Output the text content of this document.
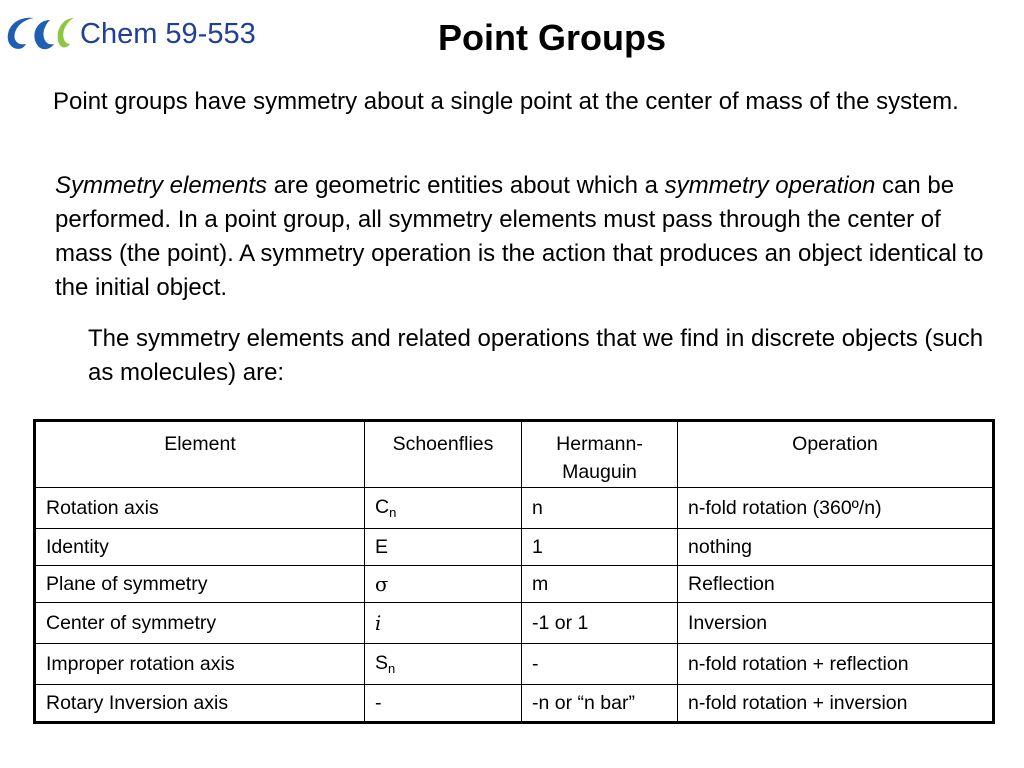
Chem 59-553	Point Groups

Point groups have symmetry about a single point at the center of mass of the system.

Symmetry elements are geometric entities about which a symmetry operation can be performed. In a point group, all symmetry elements must pass through the center of mass (the point). A symmetry operation is the action that produces an object identical to the initial object.

The symmetry elements and related operations that we find in discrete objects (such as molecules) are:

Element	Schoenflies	Hermann-Mauguin	Operation
Rotation axis	$C_n$	n	n-fold rotation (360º/n)
Identity	E	1	nothing
Plane of symmetry	σ	m	Reflection
Center of symmetry	i	-1 or 1	Inversion
Improper rotation axis	$S_n$	-	n-fold rotation + reflection
Rotary Inversion axis	-	-n or “n bar”	n-fold rotation + inversion
